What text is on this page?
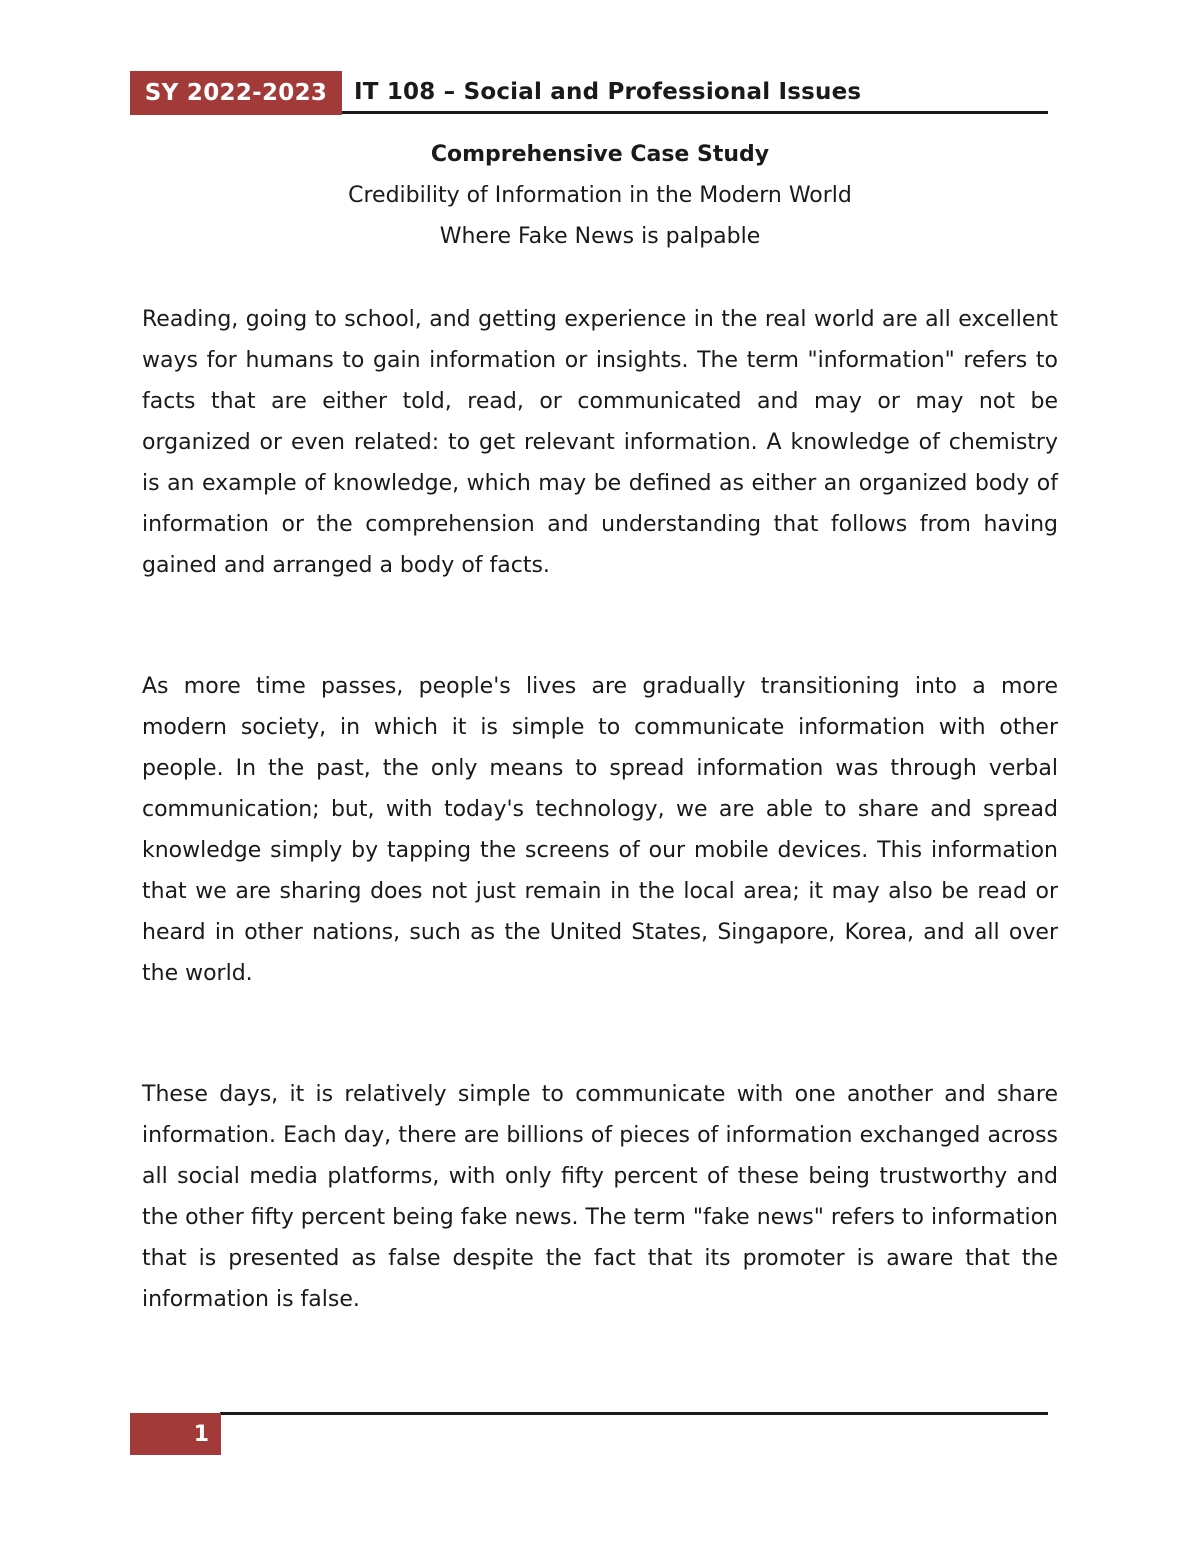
SY 2022-2023	IT 108 – Social and Professional Issues
Comprehensive Case Study
Credibility of Information in the Modern World
Where Fake News is palpable

Reading, going to school, and getting experience in the real world are all excellent ways for humans to gain information or insights. The term "information" refers to facts that are either told, read, or communicated and may or may not be organized or even related: to get relevant information. A knowledge of chemistry is an example of knowledge, which may be defined as either an organized body of information or the comprehension and understanding that follows from having gained and arranged a body of facts.

As more time passes, people's lives are gradually transitioning into a more modern society, in which it is simple to communicate information with other people. In the past, the only means to spread information was through verbal communication; but, with today's technology, we are able to share and spread knowledge simply by tapping the screens of our mobile devices. This information that we are sharing does not just remain in the local area; it may also be read or heard in other nations, such as the United States, Singapore, Korea, and all over the world.

These days, it is relatively simple to communicate with one another and share information. Each day, there are billions of pieces of information exchanged across all social media platforms, with only fifty percent of these being trustworthy and the other fifty percent being fake news. The term "fake news" refers to information that is presented as false despite the fact that its promoter is aware that the information is false.

1
